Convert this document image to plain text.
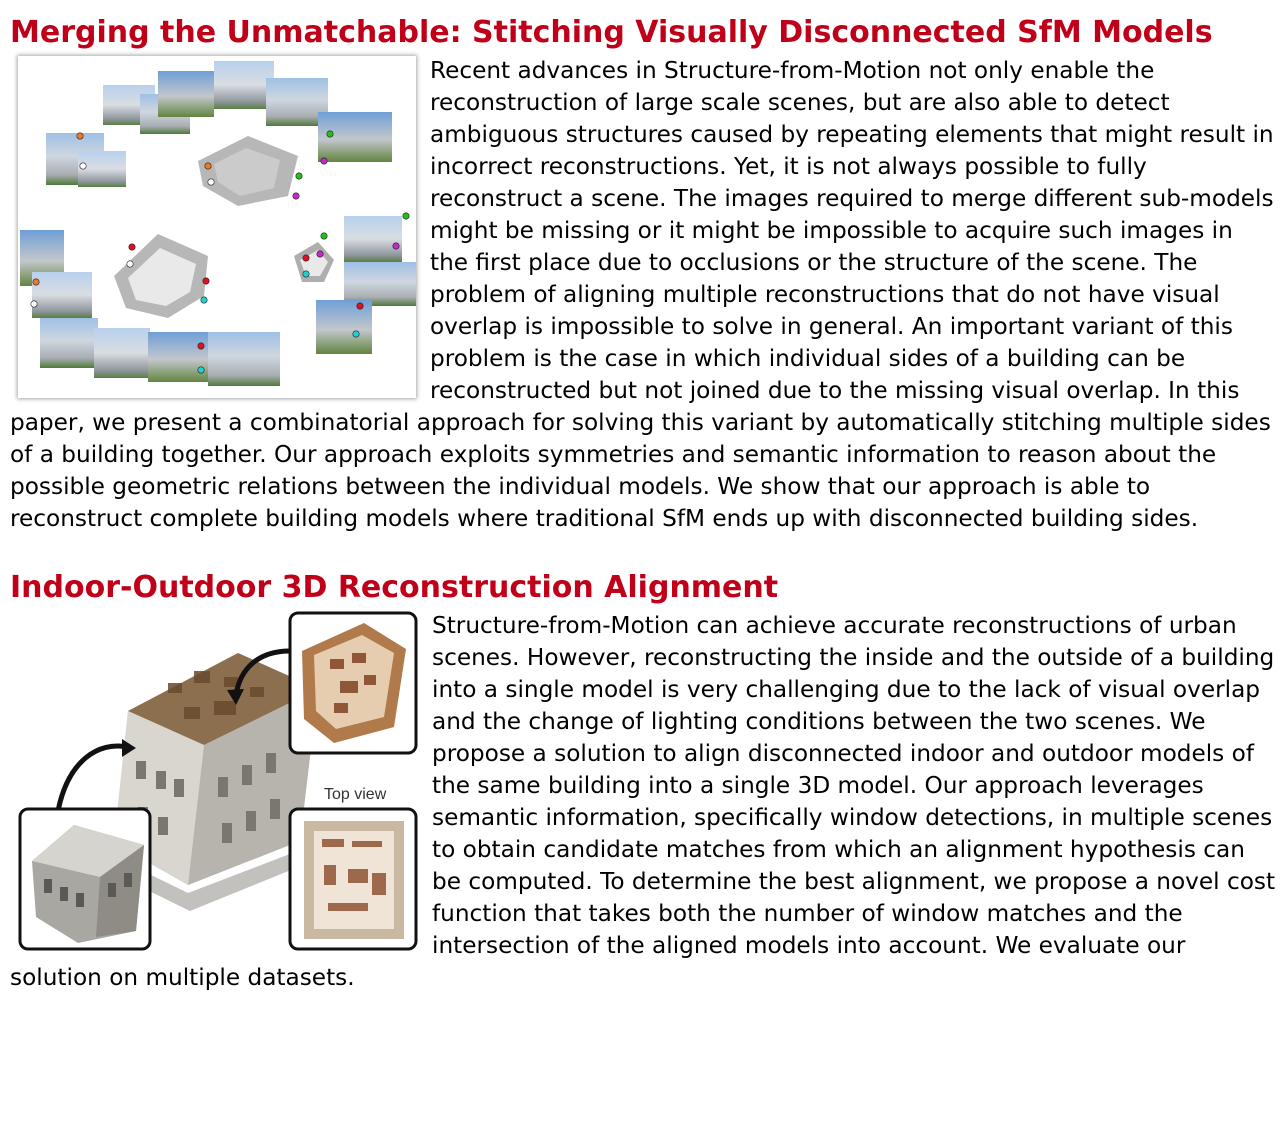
Merging the Unmatchable: Stitching Visually Disconnected SfM Models

Recent advances in Structure-from-Motion not only enable the reconstruction of large scale scenes, but are also able to detect ambiguous structures caused by repeating elements that might result in incorrect reconstructions. Yet, it is not always possible to fully reconstruct a scene. The images required to merge different sub-models might be missing or it might be impossible to acquire such images in the first place due to occlusions or the structure of the scene. The problem of aligning multiple reconstructions that do not have visual overlap is impossible to solve in general. An important variant of this problem is the case in which individual sides of a building can be reconstructed but not joined due to the missing visual overlap. In this paper, we present a combinatorial approach for solving this variant by automatically stitching multiple sides of a building together. Our approach exploits symmetries and semantic information to reason about the possible geometric relations between the individual models. We show that our approach is able to reconstruct complete building models where traditional SfM ends up with disconnected building sides.

Indoor-Outdoor 3D Reconstruction Alignment
Top view

Structure-from-Motion can achieve accurate reconstructions of urban scenes. However, reconstructing the inside and the outside of a building into a single model is very challenging due to the lack of visual overlap and the change of lighting conditions between the two scenes. We propose a solution to align disconnected indoor and outdoor models of the same building into a single 3D model. Our approach leverages semantic information, specifically window detections, in multiple scenes to obtain candidate matches from which an alignment hypothesis can be computed. To determine the best alignment, we propose a novel cost function that takes both the number of window matches and the intersection of the aligned models into account. We evaluate our solution on multiple datasets.
